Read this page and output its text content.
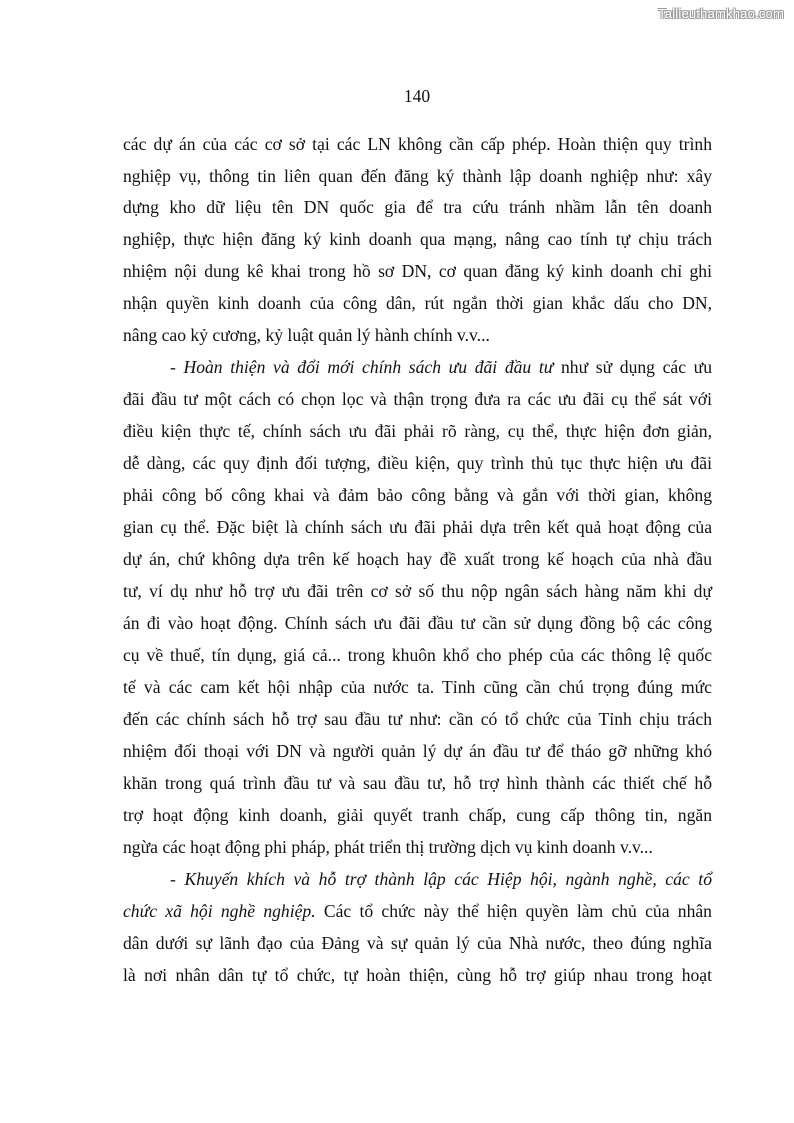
Tailieuthamkhao.com
140
các dự án của các cơ sở tại các LN không cần cấp phép. Hoàn thiện quy trình
nghiệp vụ, thông tin liên quan đến đăng ký thành lập doanh nghiệp như: xây
dựng kho dữ liệu tên DN quốc gia để tra cứu tránh nhầm lẫn tên doanh
nghiệp, thực hiện đăng ký kinh doanh qua mạng, nâng cao tính tự chịu trách
nhiệm nội dung kê khai trong hồ sơ DN, cơ quan đăng ký kinh doanh chỉ ghi
nhận quyền kinh doanh của công dân, rút ngắn thời gian khắc dấu cho DN,
nâng cao kỷ cương, kỷ luật quản lý hành chính v.v...
- Hoàn thiện và đổi mới chính sách ưu đãi đầu tư như sử dụng các ưu
đãi đầu tư một cách có chọn lọc và thận trọng đưa ra các ưu đãi cụ thể sát với
điều kiện thực tế, chính sách ưu đãi phải rõ ràng, cụ thể, thực hiện đơn giản,
dễ dàng, các quy định đối tượng, điều kiện, quy trình thủ tục thực hiện ưu đãi
phải công bố công khai và đảm bảo công bằng và gắn với thời gian, không
gian cụ thể. Đặc biệt là chính sách ưu đãi phải dựa trên kết quả hoạt động của
dự án, chứ không dựa trên kế hoạch hay đề xuất trong kế hoạch của nhà đầu
tư, ví dụ như hỗ trợ ưu đãi trên cơ sở số thu nộp ngân sách hàng năm khi dự
án đi vào hoạt động. Chính sách ưu đãi đầu tư cần sử dụng đồng bộ các công
cụ về thuế, tín dụng, giá cả... trong khuôn khổ cho phép của các thông lệ quốc
tế và các cam kết hội nhập của nước ta. Tỉnh cũng cần chú trọng đúng mức
đến các chính sách hỗ trợ sau đầu tư như: cần có tổ chức của Tỉnh chịu trách
nhiệm đối thoại với DN và người quản lý dự án đầu tư để tháo gỡ những khó
khăn trong quá trình đầu tư và sau đầu tư, hỗ trợ hình thành các thiết chế hỗ
trợ hoạt động kinh doanh, giải quyết tranh chấp, cung cấp thông tin, ngăn
ngừa các hoạt động phi pháp, phát triển thị trường dịch vụ kinh doanh v.v...
- Khuyến khích và hỗ trợ thành lập các Hiệp hội, ngành nghề, các tổ
chức xã hội nghề nghiệp. Các tổ chức này thể hiện quyền làm chủ của nhân
dân dưới sự lãnh đạo của Đảng và sự quản lý của Nhà nước, theo đúng nghĩa
là nơi nhân dân tự tổ chức, tự hoàn thiện, cùng hỗ trợ giúp nhau trong hoạt
